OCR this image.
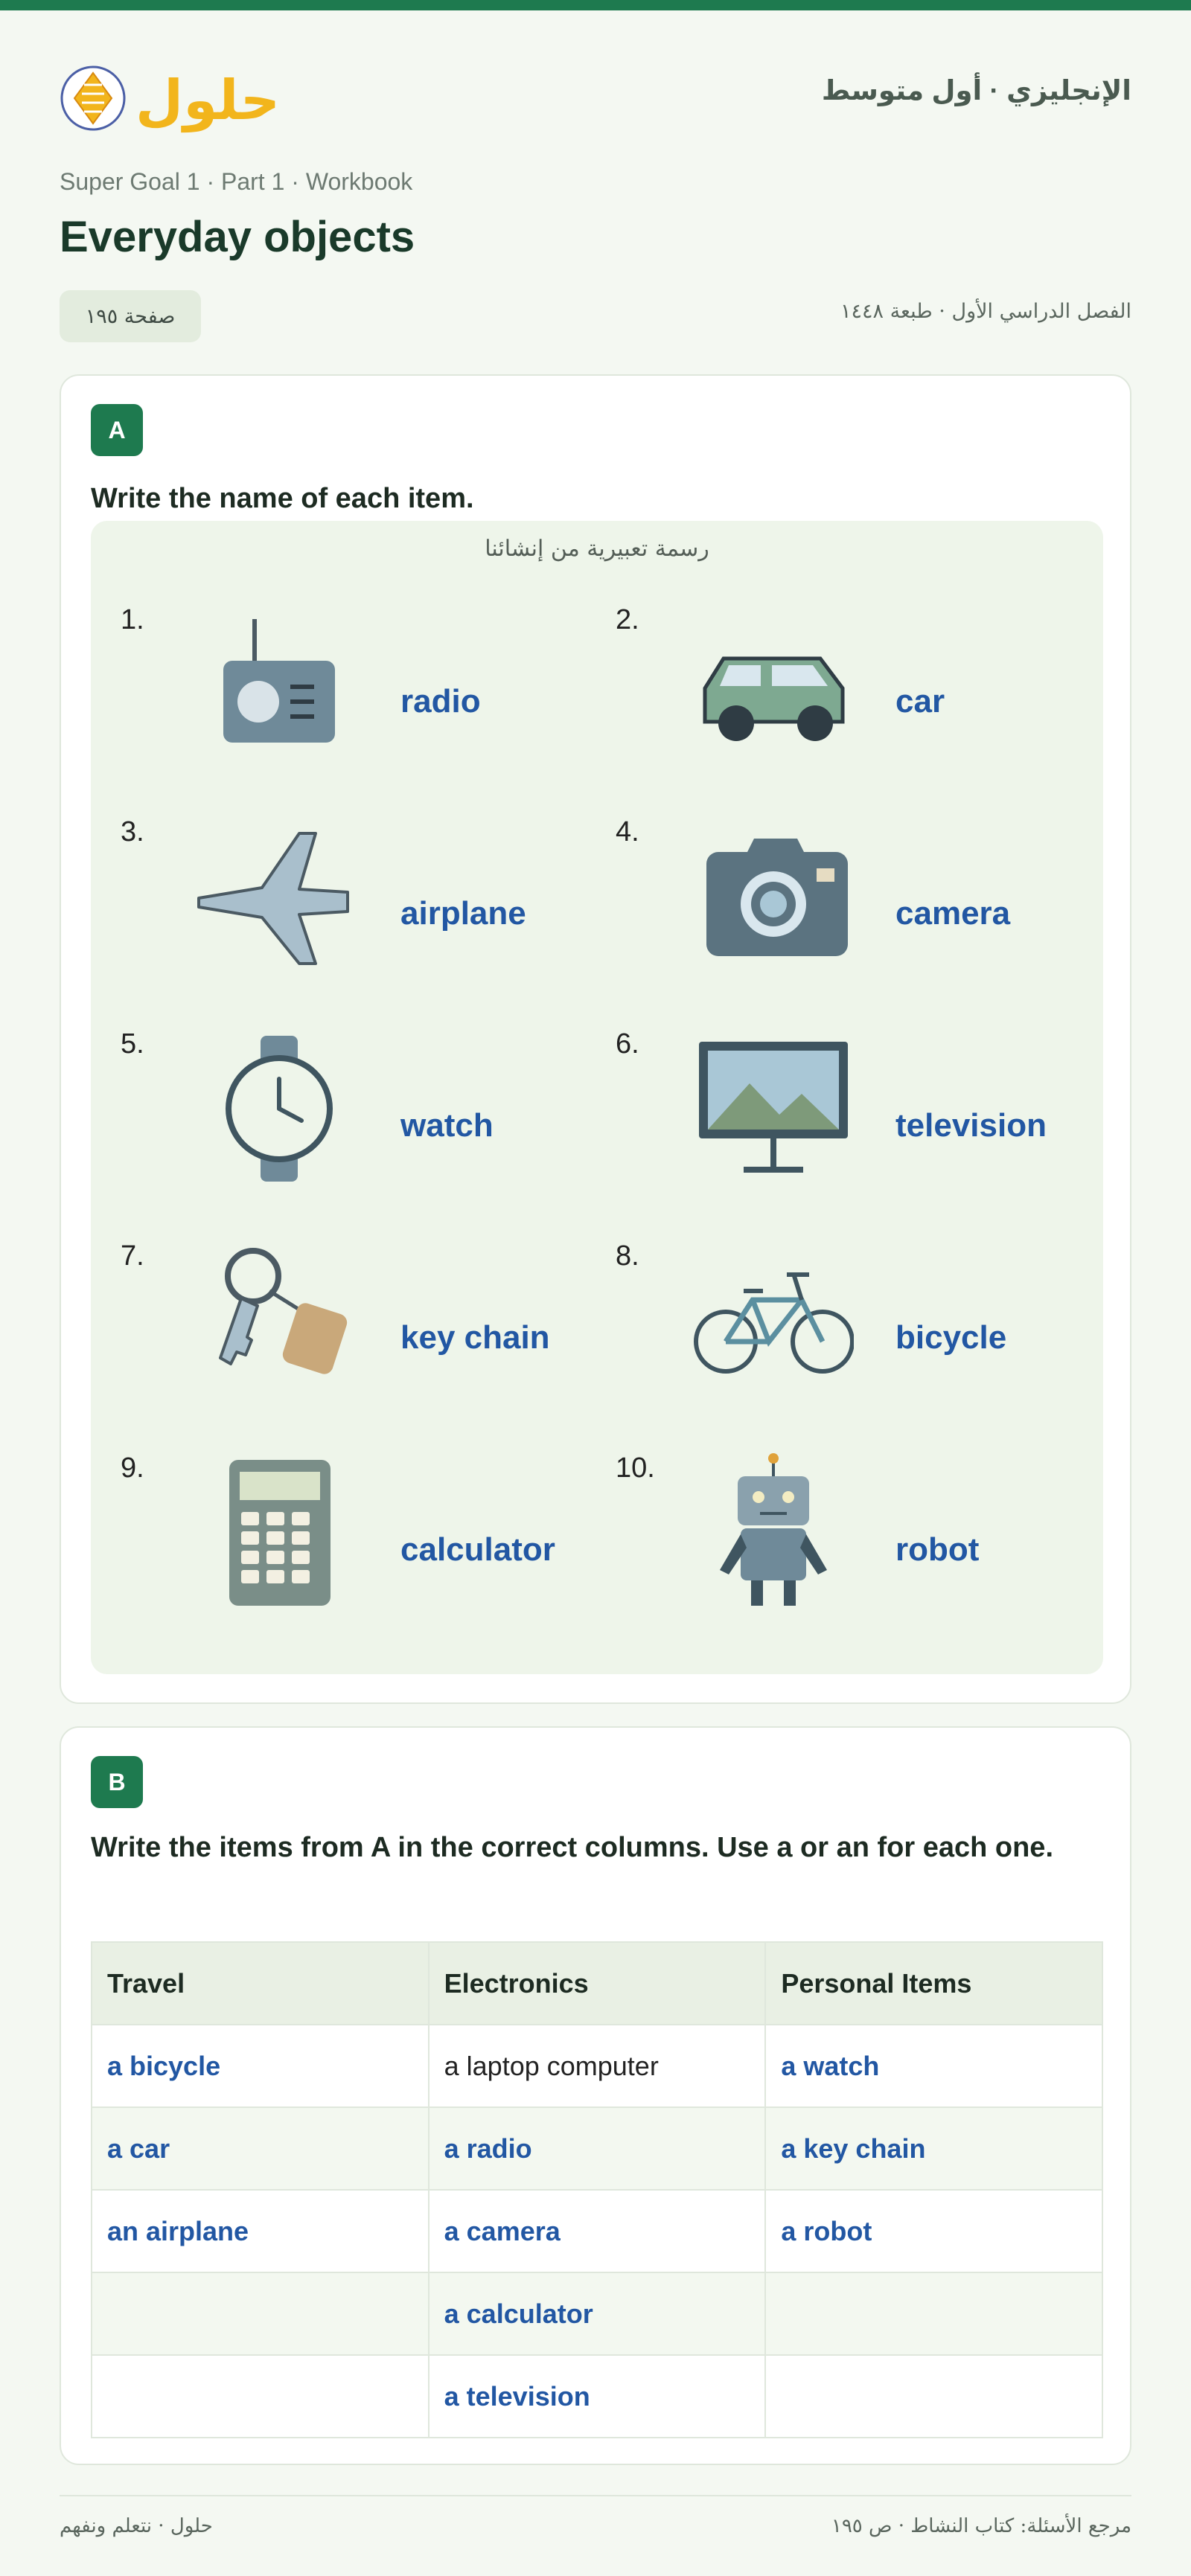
حلول	الإنجليزي · أول متوسط
Super Goal 1 · Part 1 · Workbook
Everyday objects
صفحة ١٩٥	الفصل الدراسي الأول · طبعة ١٤٤٨
A
Write the name of each item.
رسمة تعبيرية من إنشائنا
1.
radio
2.
car
3.
airplane
4.
camera
5.
watch
6.
television
7.
key chain
8.
bicycle
9.
calculator
10.
robot
B
Write the items from A in the correct columns. Use a or an for each one.
Travel	Electronics	Personal Items
a bicycle	a laptop computer	a watch
a car	a radio	a key chain
an airplane	a camera	a robot
	a calculator	
	a television	
حلول · نتعلم ونفهم	مرجع الأسئلة: كتاب النشاط · ص ١٩٥
